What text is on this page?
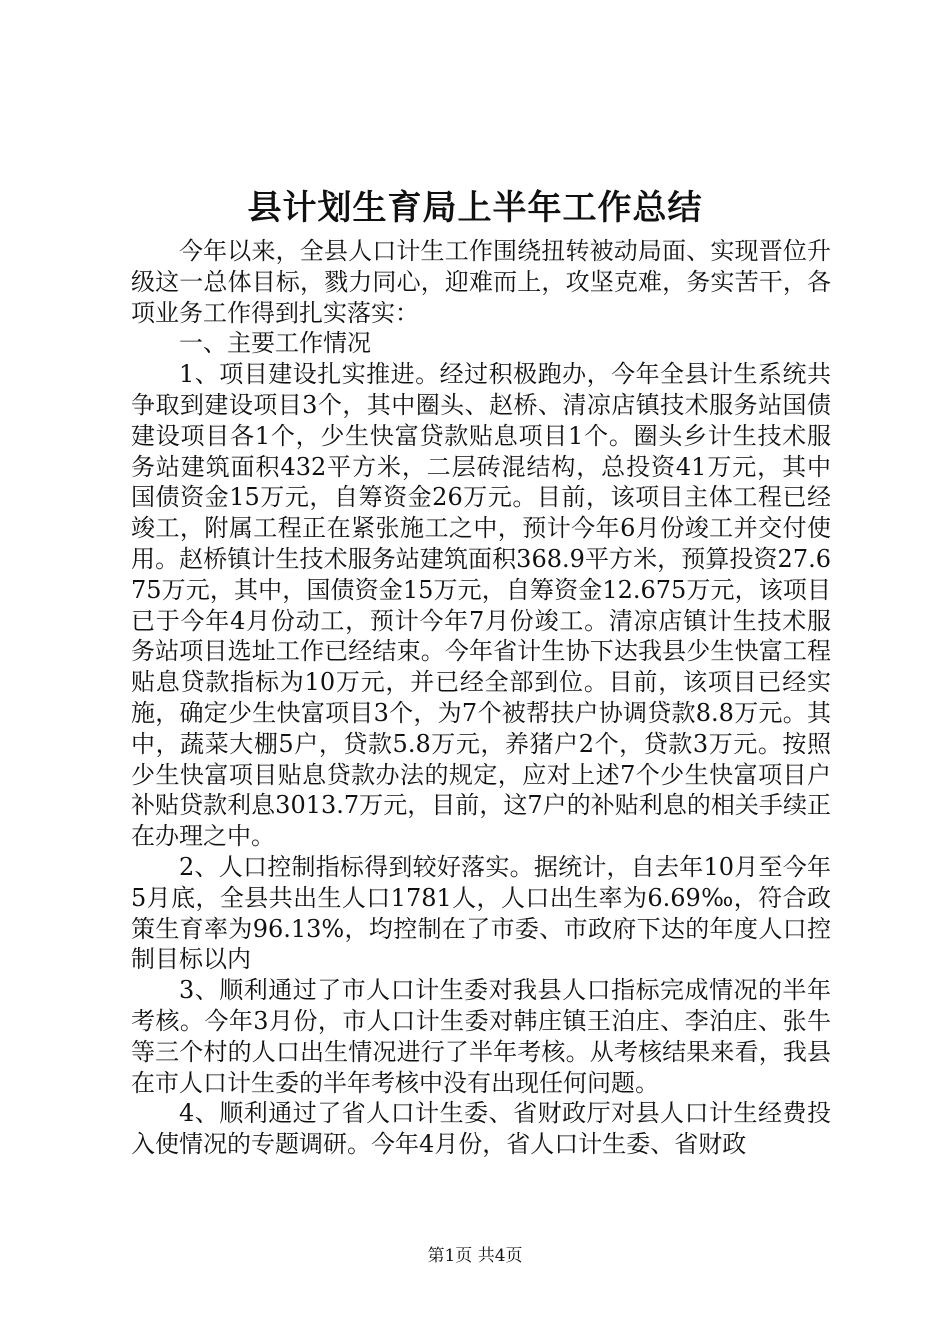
县计划生育局上半年工作总结

今年以来，全县人口计生工作围绕扭转被动局面、实现晋位升级这一总体目标，戮力同心，迎难而上，攻坚克难，务实苦干，各项业务工作得到扎实落实：

一、主要工作情况

1、项目建设扎实推进。经过积极跑办，今年全县计生系统共争取到建设项目3个，其中圈头、赵桥、清凉店镇技术服务站国债建设项目各1个，少生快富贷款贴息项目1个。圈头乡计生技术服务站建筑面积432平方米，二层砖混结构，总投资41万元，其中国债资金15万元，自筹资金26万元。目前，该项目主体工程已经竣工，附属工程正在紧张施工之中，预计今年6月份竣工并交付使用。赵桥镇计生技术服务站建筑面积368.9平方米，预算投资27.675万元，其中，国债资金15万元，自筹资金12.675万元，该项目已于今年4月份动工，预计今年7月份竣工。清凉店镇计生技术服务站项目选址工作已经结束。今年省计生协下达我县少生快富工程贴息贷款指标为10万元，并已经全部到位。目前，该项目已经实施，确定少生快富项目3个，为7个被帮扶户协调贷款8.8万元。其中，蔬菜大棚5户，贷款5.8万元，养猪户2个，贷款3万元。按照少生快富项目贴息贷款办法的规定，应对上述7个少生快富项目户补贴贷款利息3013.7万元，目前，这7户的补贴利息的相关手续正在办理之中。

2、人口控制指标得到较好落实。据统计，自去年10月至今年5月底，全县共出生人口1781人，人口出生率为6.69‰，符合政策生育率为96.13%，均控制在了市委、市政府下达的年度人口控制目标以内

3、顺利通过了市人口计生委对我县人口指标完成情况的半年考核。今年3月份，市人口计生委对韩庄镇王泊庄、李泊庄、张牛等三个村的人口出生情况进行了半年考核。从考核结果来看，我县在市人口计生委的半年考核中没有出现任何问题。

4、顺利通过了省人口计生委、省财政厅对县人口计生经费投入使情况的专题调研。今年4月份，省人口计生委、省财政

第1页 共4页
